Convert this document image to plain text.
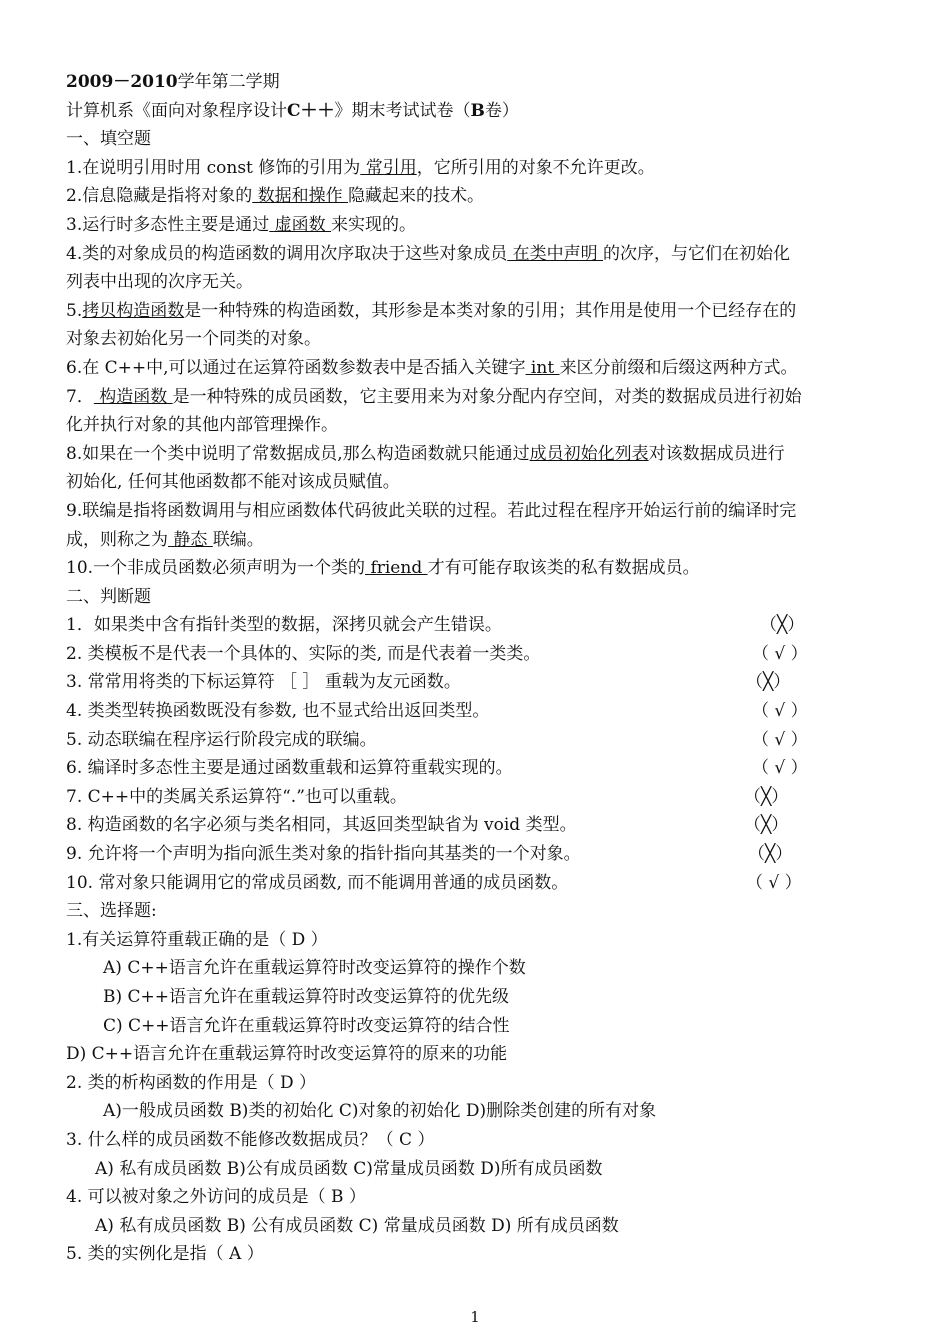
2009－2010学年第二学期
计算机系《面向对象程序设计C＋＋》期末考试试卷（B卷）
一、填空题
1.在说明引用时用 const 修饰的引用为 常引用，它所引用的对象不允许更改。
2.信息隐藏是指将对象的 数据和操作 隐藏起来的技术。
3.运行时多态性主要是通过 虚函数 来实现的。
4.类的对象成员的构造函数的调用次序取决于这些对象成员 在类中声明 的次序，与它们在初始化
列表中出现的次序无关。
5.拷贝构造函数是一种特殊的构造函数，其形参是本类对象的引用；其作用是使用一个已经存在的
对象去初始化另一个同类的对象。
6.在 C++中,可以通过在运算符函数参数表中是否插入关键字 int 来区分前缀和后缀这两种方式。
7． 构造函数 是一种特殊的成员函数，它主要用来为对象分配内存空间，对类的数据成员进行初始
化并执行对象的其他内部管理操作。
8.如果在一个类中说明了常数据成员,那么构造函数就只能通过成员初始化列表对该数据成员进行
初始化, 任何其他函数都不能对该成员赋值。
9.联编是指将函数调用与相应函数体代码彼此关联的过程。若此过程在程序开始运行前的编译时完
成，则称之为 静态 联编。
10.一个非成员函数必须声明为一个类的 friend 才有可能存取该类的私有数据成员。
二、判断题
1．如果类中含有指针类型的数据，深拷贝就会产生错误。	（╳）
2. 类模板不是代表一个具体的、实际的类, 而是代表着一类类。	（ √ ）
3. 常常用将类的下标运算符 ［ ］ 重载为友元函数。	（╳）
4. 类类型转换函数既没有参数, 也不显式给出返回类型。	（ √ ）
5. 动态联编在程序运行阶段完成的联编。	（ √ ）
6. 编译时多态性主要是通过函数重载和运算符重载实现的。	（ √ ）
7. C++中的类属关系运算符“.”也可以重载。	（╳）
8. 构造函数的名字必须与类名相同，其返回类型缺省为 void 类型。	（╳）
9. 允许将一个声明为指向派生类对象的指针指向其基类的一个对象。	（╳）
10. 常对象只能调用它的常成员函数, 而不能调用普通的成员函数。	（ √ ）
三、选择题:
1.有关运算符重载正确的是（ D ）
A) C++语言允许在重载运算符时改变运算符的操作个数
B) C++语言允许在重载运算符时改变运算符的优先级
C) C++语言允许在重载运算符时改变运算符的结合性
D) C++语言允许在重载运算符时改变运算符的原来的功能
2. 类的析构函数的作用是（ D ）
A)一般成员函数 B)类的初始化 C)对象的初始化 D)删除类创建的所有对象
3. 什么样的成员函数不能修改数据成员？（ C ）
A) 私有成员函数 B)公有成员函数 C)常量成员函数 D)所有成员函数
4. 可以被对象之外访问的成员是（ B ）
A) 私有成员函数 B) 公有成员函数 C) 常量成员函数 D) 所有成员函数
5. 类的实例化是指（ A ）
1
